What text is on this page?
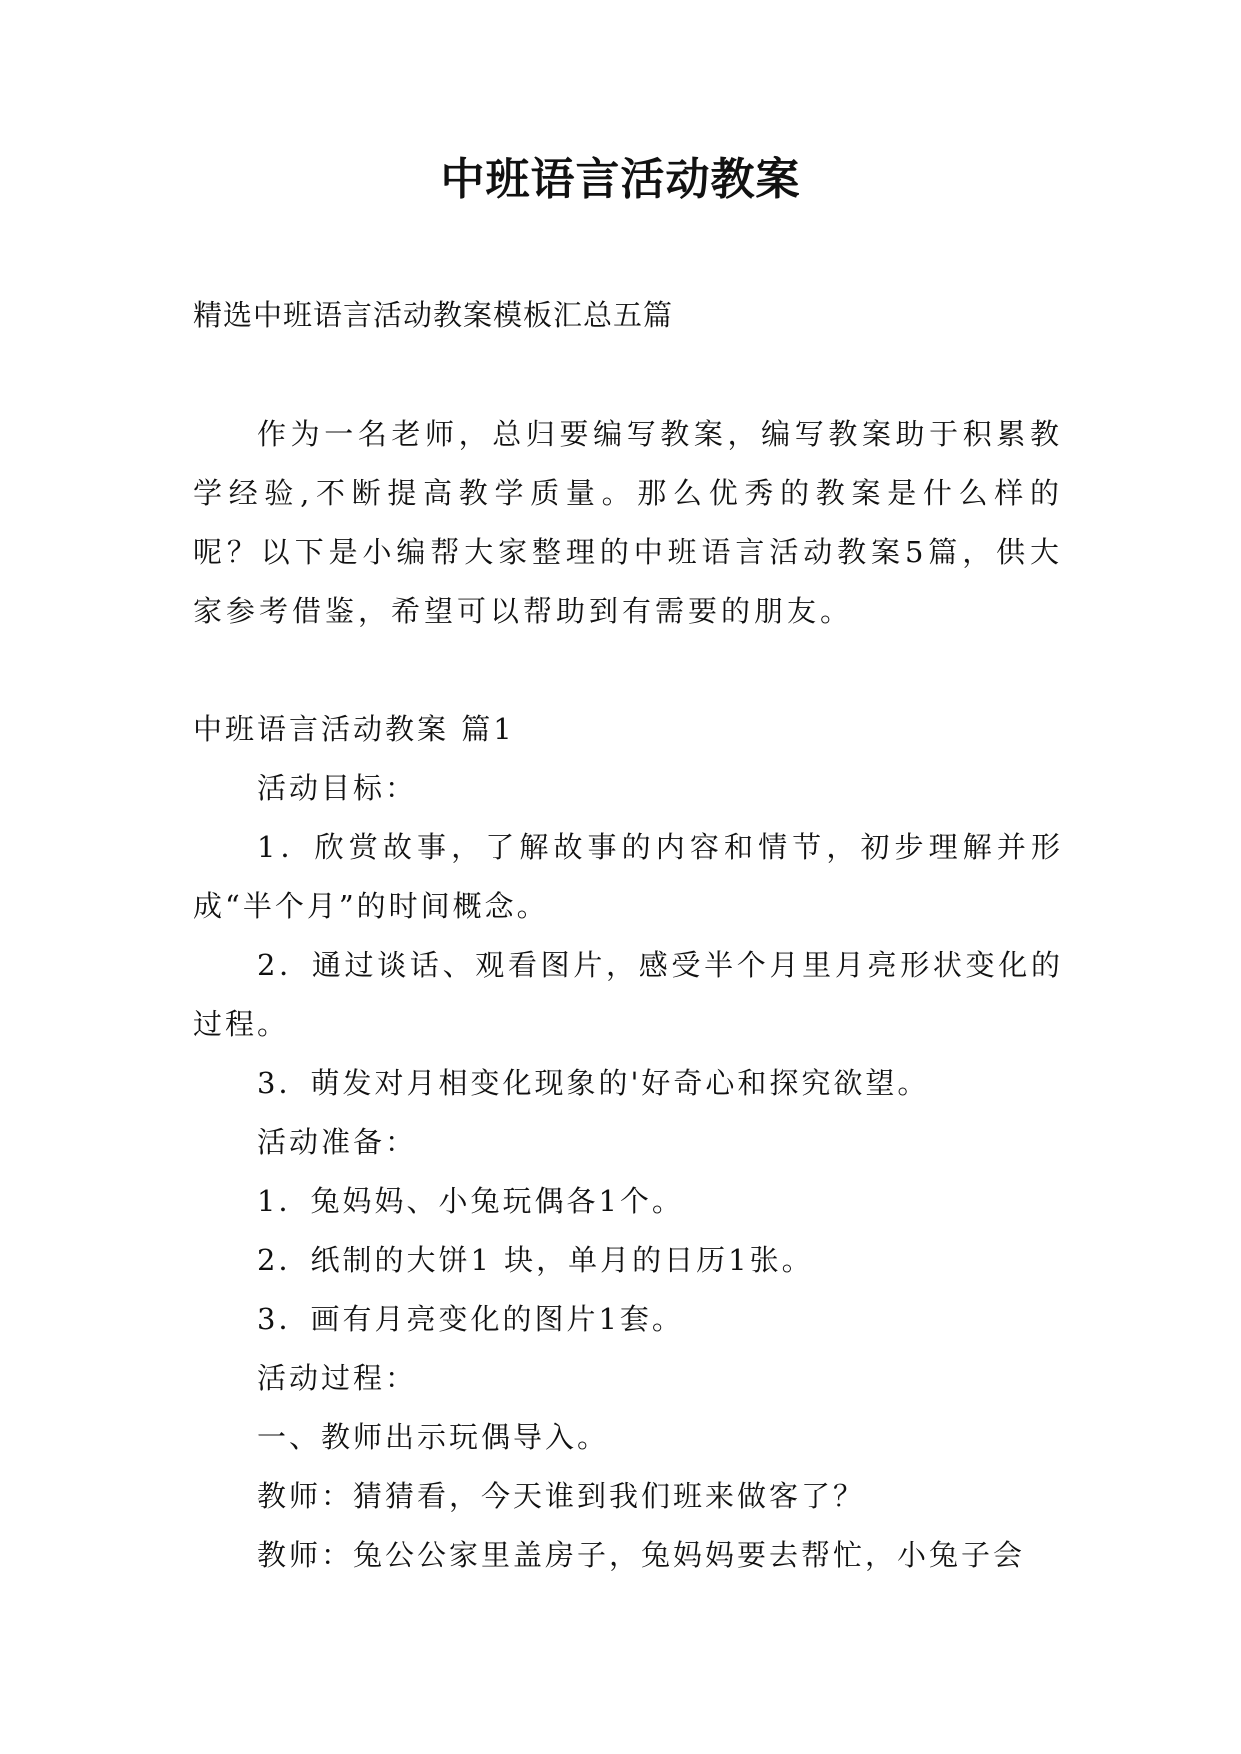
中班语言活动教案
精选中班语言活动教案模板汇总五篇
作为一名老师，总归要编写教案，编写教案助于积累教学经验,不断提高教学质量。那么优秀的教案是什么样的呢？以下是小编帮大家整理的中班语言活动教案5篇，供大家参考借鉴，希望可以帮助到有需要的朋友。
中班语言活动教案 篇1
活动目标：
1．欣赏故事，了解故事的内容和情节，初步理解并形成“半个月”的时间概念。
2．通过谈话、观看图片，感受半个月里月亮形状变化的过程。
3．萌发对月相变化现象的'好奇心和探究欲望。
活动准备：
1．兔妈妈、小兔玩偶各1个。
2．纸制的大饼1 块，单月的日历1张。
3．画有月亮变化的图片1套。
活动过程：
一、教师出示玩偶导入。
教师：猜猜看，今天谁到我们班来做客了？
教师：兔公公家里盖房子，兔妈妈要去帮忙，小兔子会
